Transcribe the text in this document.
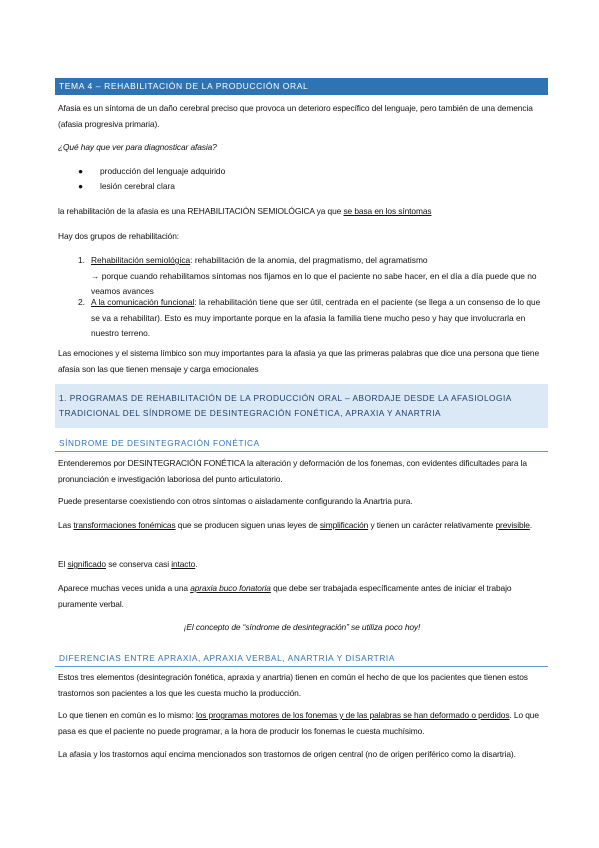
TEMA 4 – REHABILITACIÓN DE LA PRODUCCIÓN ORAL
Afasia es un síntoma de un daño cerebral preciso que provoca un deterioro específico del lenguaje, pero también de una demencia (afasia progresiva primaria).
¿Qué hay que ver para diagnosticar afasia?
● producción del lenguaje adquirido
● lesión cerebral clara
la rehabilitación de la afasia es una REHABILITACIÓN SEMIOLÓGICA ya que se basa en los síntomas
Hay dos grupos de rehabilitación:
1. Rehabilitación semiológica: rehabilitación de la anomia, del pragmatismo, del agramatismo
→ porque cuando rehabilitamos síntomas nos fijamos en lo que el paciente no sabe hacer, en el día a día puede que no veamos avances
2. A la comunicación funcional: la rehabilitación tiene que ser útil, centrada en el paciente (se llega a un consenso de lo que se va a rehabilitar). Esto es muy importante porque en la afasia la familia tiene mucho peso y hay que involucrarla en nuestro terreno.
Las emociones y el sistema límbico son muy importantes para la afasia ya que las primeras palabras que dice una persona que tiene afasia son las que tienen mensaje y carga emocionales
1. PROGRAMAS DE REHABILITACIÓN DE LA PRODUCCIÓN ORAL – ABORDAJE DESDE LA AFASIOLOGIA TRADICIONAL DEL SÍNDROME DE DESINTEGRACIÓN FONÉTICA, APRAXIA Y ANARTRIA
SÍNDROME DE DESINTEGRACIÓN FONÉTICA
Entenderemos por DESINTEGRACIÓN FONÉTICA la alteración y deformación de los fonemas, con evidentes dificultades para la pronunciación e investigación laboriosa del punto articulatorio.
Puede presentarse coexistiendo con otros síntomas o aisladamente configurando la Anartria pura.
Las transformaciones fonémicas que se producen siguen unas leyes de simplificación y tienen un carácter relativamente previsible.
El significado se conserva casi intacto.
Aparece muchas veces unida a una apraxia buco fonatoria que debe ser trabajada específicamente antes de iniciar el trabajo puramente verbal.
¡El concepto de “síndrome de desintegración” se utiliza poco hoy!
DIFERENCIAS ENTRE APRAXIA, APRAXIA VERBAL, ANARTRIA Y DISARTRIA
Estos tres elementos (desintegración fonética, apraxia y anartria) tienen en común el hecho de que los pacientes que tienen estos trastornos son pacientes a los que les cuesta mucho la producción.
Lo que tienen en común es lo mismo: los programas motores de los fonemas y de las palabras se han deformado o perdidos. Lo que pasa es que el paciente no puede programar, a la hora de producir los fonemas le cuesta muchísimo.
La afasia y los trastornos aquí encima mencionados son trastornos de origen central (no de origen periférico como la disartria).
